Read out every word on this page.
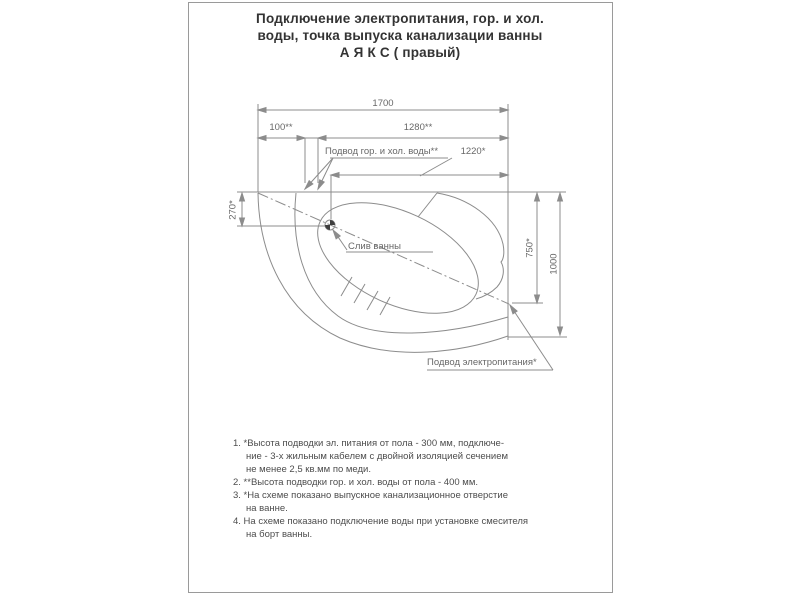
Подключение электропитания, гор. и хол.
воды, точка выпуска канализации ванны
А Я К С ( правый)
1700
100**	1280**
1220*
270*
750*
1000
Подвод гор. и хол. воды**
Слив ванны
Подвод электропитания*
1. *Высота подводки эл. питания от пола - 300 мм, подключе-
ние - 3-х жильным кабелем с двойной изоляцией сечением
не менее 2,5 кв.мм по меди.
2. **Высота подводки гор. и хол. воды от пола - 400 мм.
3. *На схеме показано выпускное канализационное отверстие
на ванне.
4. На схеме показано подключение воды при установке смесителя
на борт ванны.
